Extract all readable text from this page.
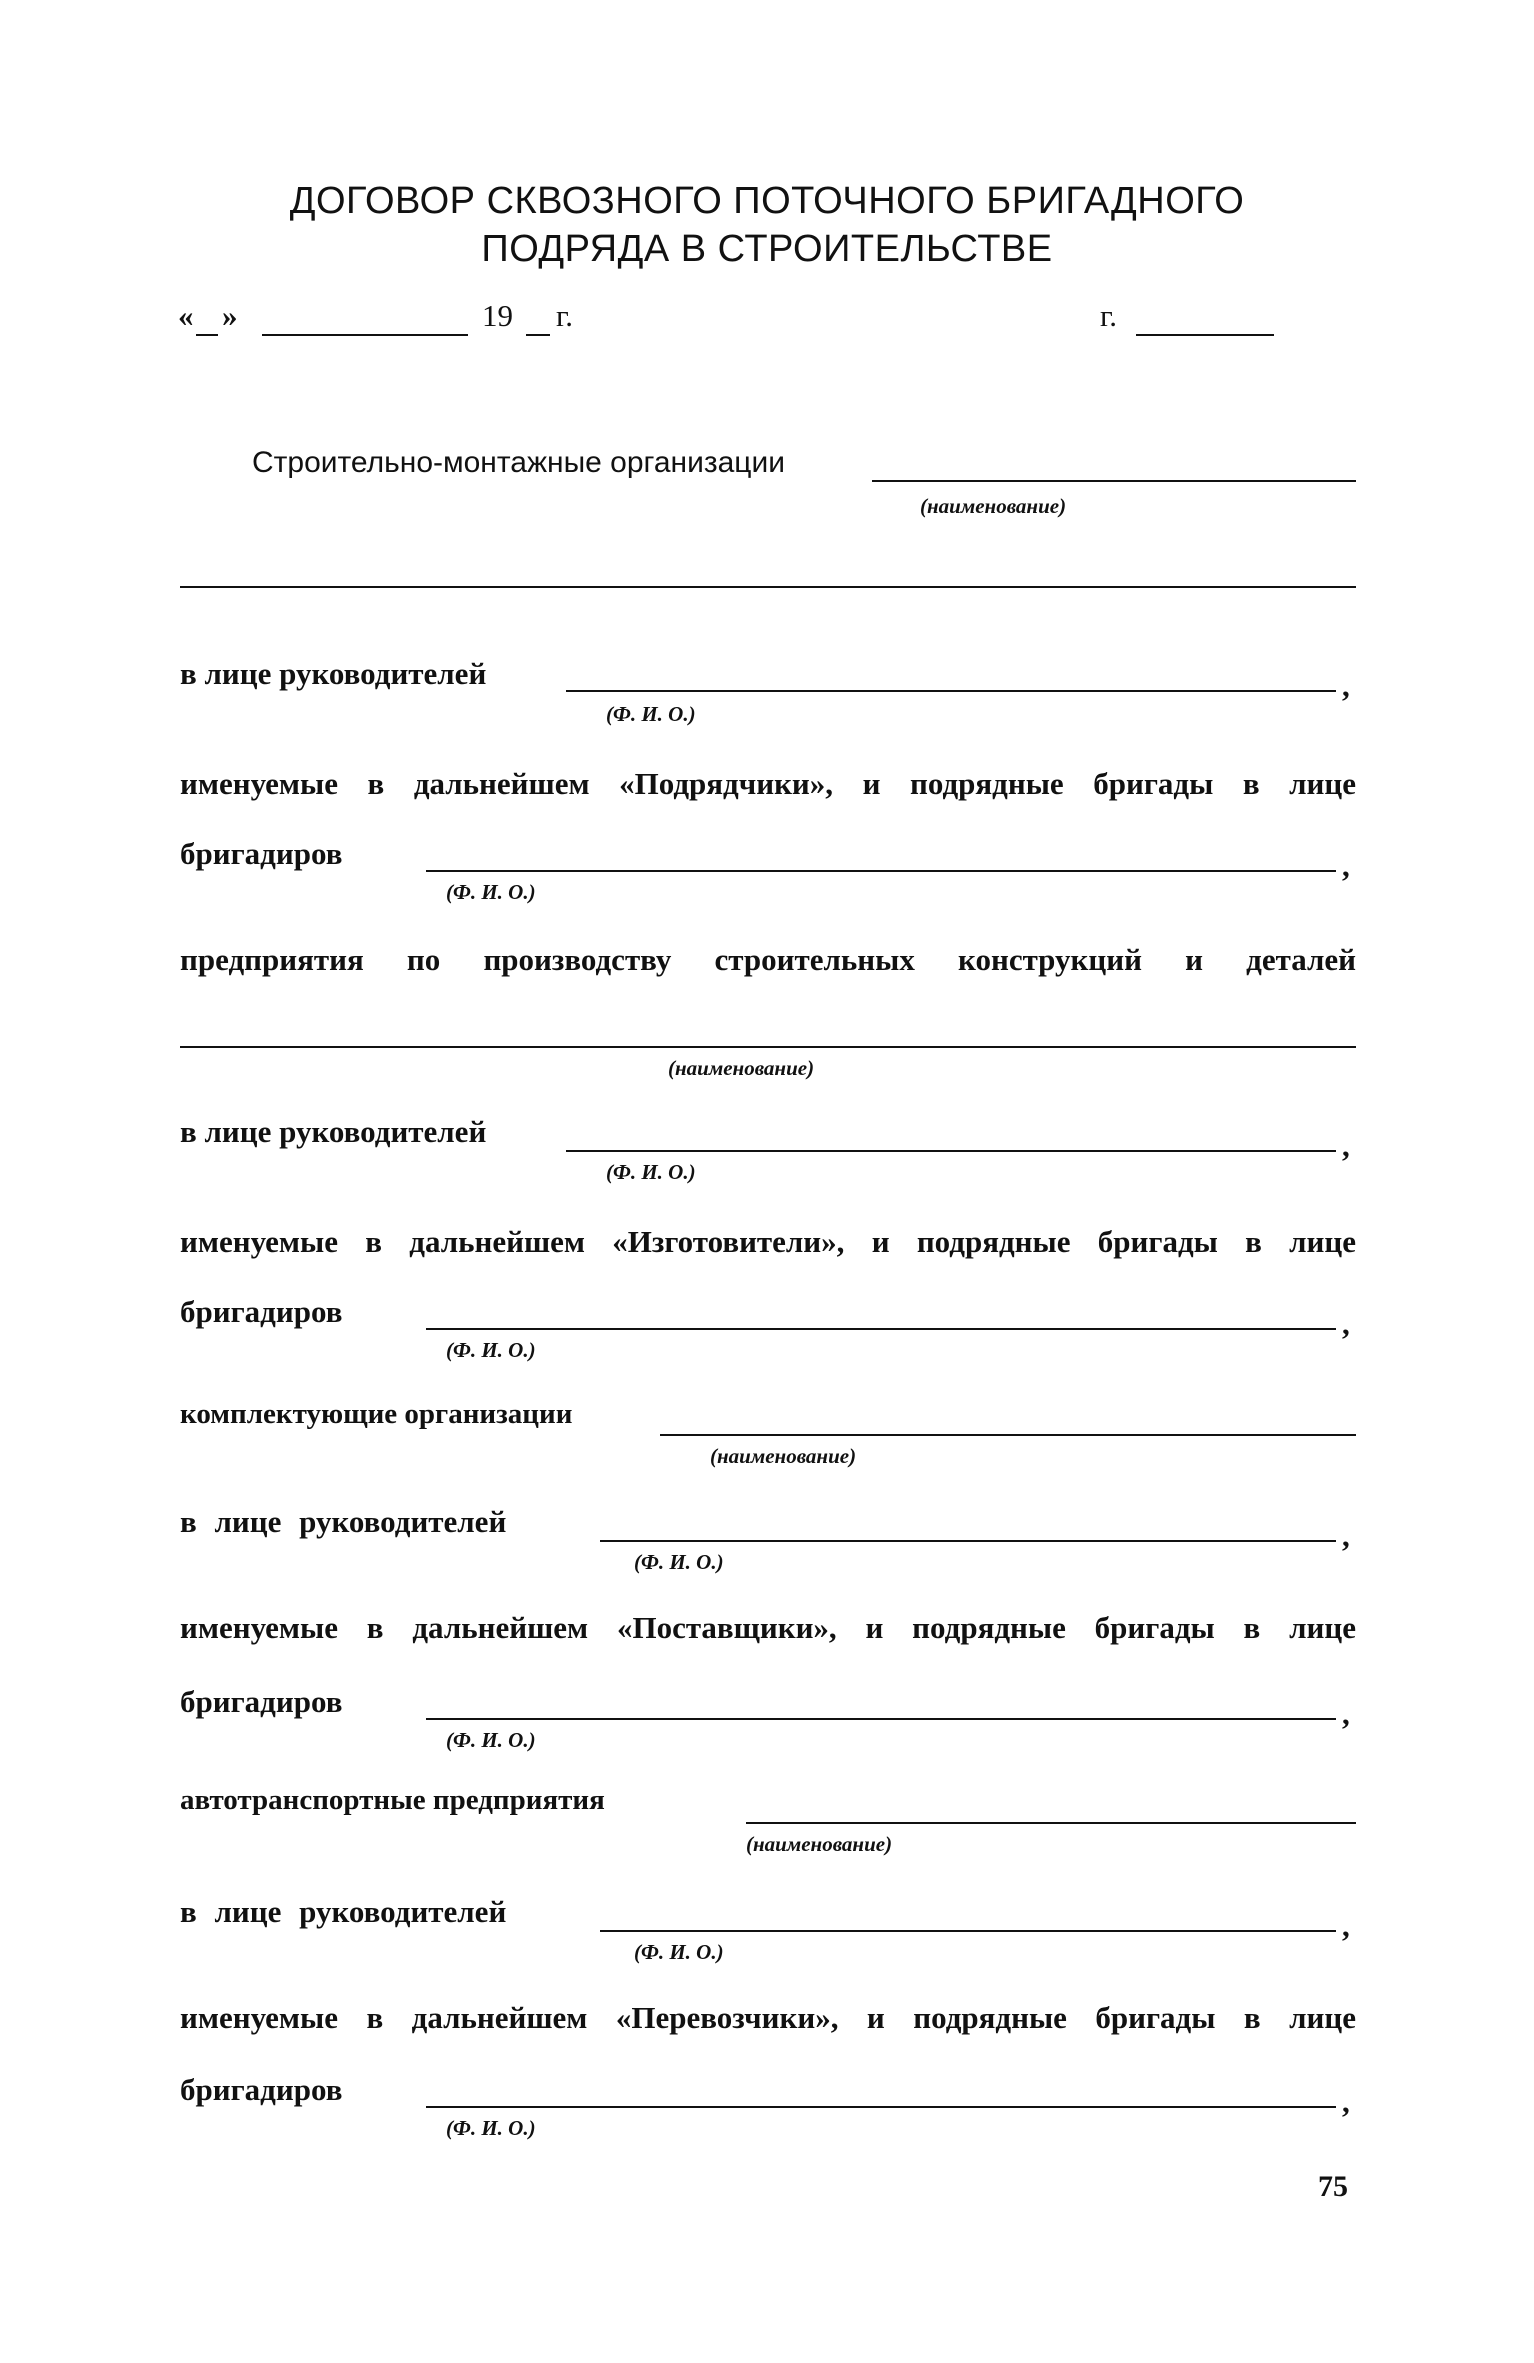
ДОГОВОР СКВОЗНОГО ПОТОЧНОГО БРИГАДНОГО
ПОДРЯДА В СТРОИТЕЛЬСТВЕ
« »	19 г.	г.
Строительно-монтажные организации
(наименование)
в лице руководителей	,
(Ф. И. О.)
именуемые в дальнейшем «Подрядчики», и подрядные бригады в лице
бригадиров	,
(Ф. И. О.)
предприятия по производству строительных конструкций и деталей
(наименование)
в лице руководителей	,
(Ф. И. О.)
именуемые в дальнейшем «Изготовители», и подрядные бригады в лице
бригадиров	,
(Ф. И. О.)
комплектующие организации
(наименование)
в лице руководителей	,
(Ф. И. О.)
именуемые в дальнейшем «Поставщики», и подрядные бригады в лице
бригадиров	,
(Ф. И. О.)
автотранспортные предприятия
(наименование)
в лице руководителей	,
(Ф. И. О.)
именуемые в дальнейшем «Перевозчики», и подрядные бригады в лице
бригадиров	,
(Ф. И. О.)
75
